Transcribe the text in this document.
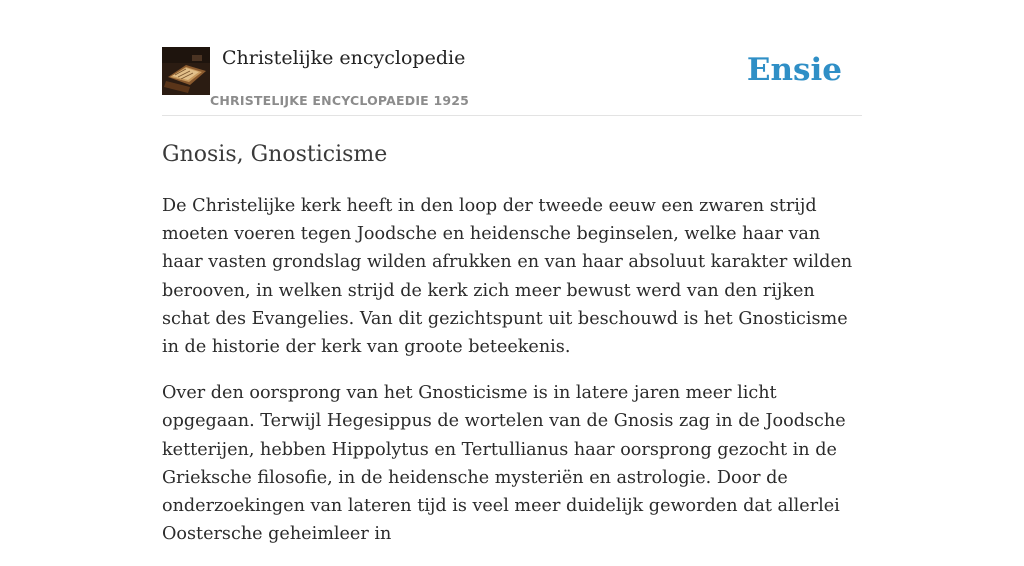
Christelijke encyclopedie
CHRISTELIJKE ENCYCLOPAEDIE 1925
Ensie
Gnosis, Gnosticisme

De Christelijke kerk heeft in den loop der tweede eeuw een zwaren strijd moeten voeren tegen Joodsche en heidensche beginselen, welke haar van haar vasten grondslag wilden afrukken en van haar absoluut karakter wilden berooven, in welken strijd de kerk zich meer bewust werd van den rijken schat des Evangelies. Van dit gezichtspunt uit beschouwd is het Gnosticisme in de historie der kerk van groote beteekenis.

Over den oorsprong van het Gnosticisme is in latere jaren meer licht opgegaan. Terwijl Hegesippus de wortelen van de Gnosis zag in de Joodsche ketterijen, hebben Hippolytus en Tertullianus haar oorsprong gezocht in de Grieksche filosofie, in de heidensche mysteriën en astrologie. Door de onderzoekingen van lateren tijd is veel meer duidelijk geworden dat allerlei Oostersche geheimleer in
